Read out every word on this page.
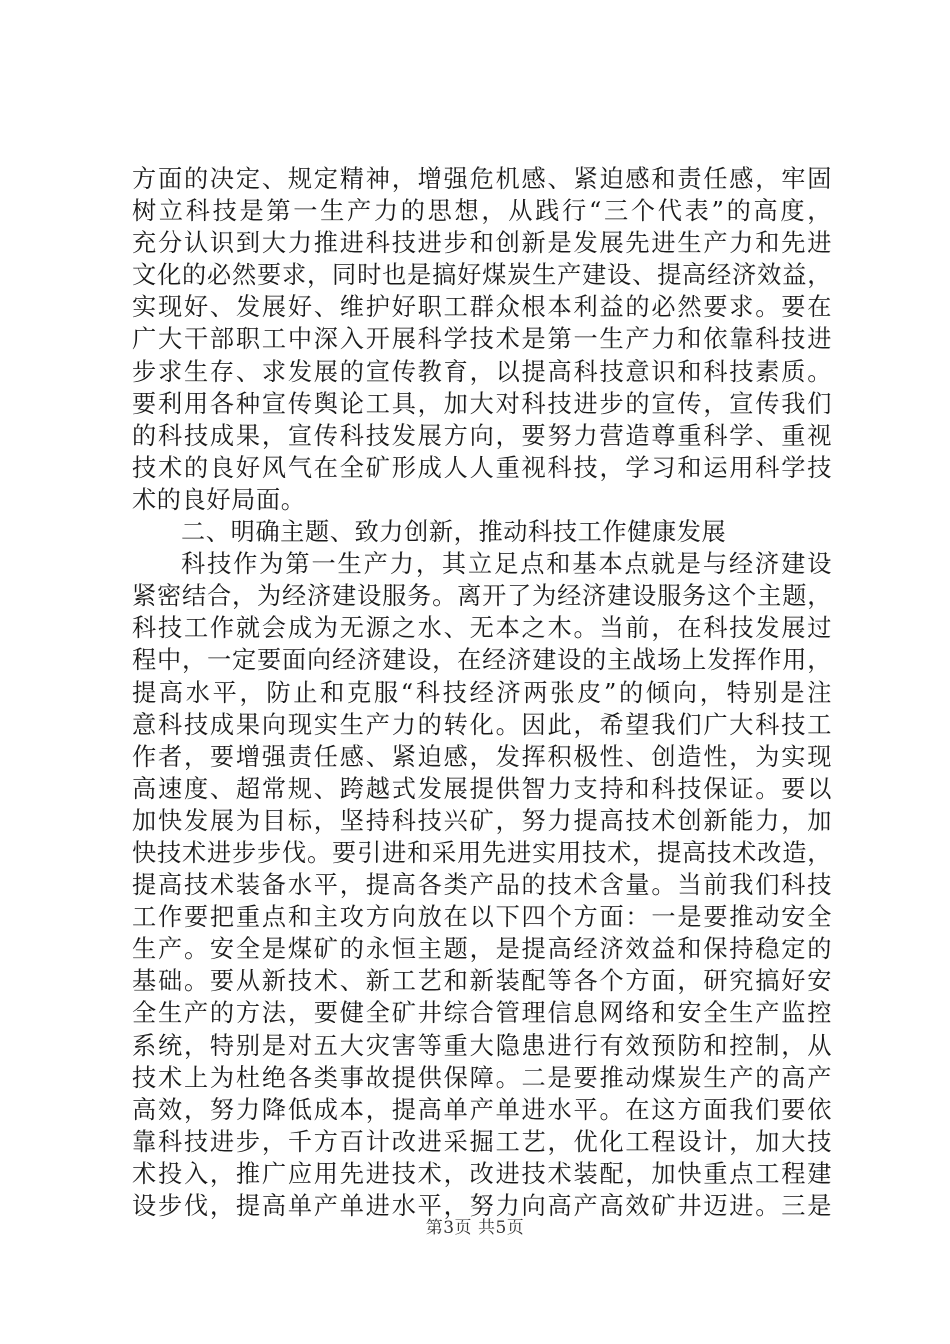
方面的决定、规定精神，增强危机感、紧迫感和责任感，牢固
树立科技是第一生产力的思想，从践行“三个代表”的高度，
充分认识到大力推进科技进步和创新是发展先进生产力和先进
文化的必然要求，同时也是搞好煤炭生产建设、提高经济效益，
实现好、发展好、维护好职工群众根本利益的必然要求。要在
广大干部职工中深入开展科学技术是第一生产力和依靠科技进
步求生存、求发展的宣传教育，以提高科技意识和科技素质。
要利用各种宣传舆论工具，加大对科技进步的宣传，宣传我们
的科技成果，宣传科技发展方向，要努力营造尊重科学、重视
技术的良好风气在全矿形成人人重视科技，学习和运用科学技
术的良好局面。
二、明确主题、致力创新，推动科技工作健康发展
科技作为第一生产力，其立足点和基本点就是与经济建设
紧密结合，为经济建设服务。离开了为经济建设服务这个主题，
科技工作就会成为无源之水、无本之木。当前，在科技发展过
程中，一定要面向经济建设，在经济建设的主战场上发挥作用，
提高水平，防止和克服“科技经济两张皮”的倾向，特别是注
意科技成果向现实生产力的转化。因此，希望我们广大科技工
作者，要增强责任感、紧迫感，发挥积极性、创造性，为实现
高速度、超常规、跨越式发展提供智力支持和科技保证。要以
加快发展为目标，坚持科技兴矿，努力提高技术创新能力，加
快技术进步步伐。要引进和采用先进实用技术，提高技术改造，
提高技术装备水平，提高各类产品的技术含量。当前我们科技
工作要把重点和主攻方向放在以下四个方面：一是要推动安全
生产。安全是煤矿的永恒主题，是提高经济效益和保持稳定的
基础。要从新技术、新工艺和新装配等各个方面，研究搞好安
全生产的方法，要健全矿井综合管理信息网络和安全生产监控
系统，特别是对五大灾害等重大隐患进行有效预防和控制，从
技术上为杜绝各类事故提供保障。二是要推动煤炭生产的高产
高效，努力降低成本，提高单产单进水平。在这方面我们要依
靠科技进步，千方百计改进采掘工艺，优化工程设计，加大技
术投入，推广应用先进技术，改进技术装配，加快重点工程建
设步伐，提高单产单进水平，努力向高产高效矿井迈进。三是
第3页 共5页
